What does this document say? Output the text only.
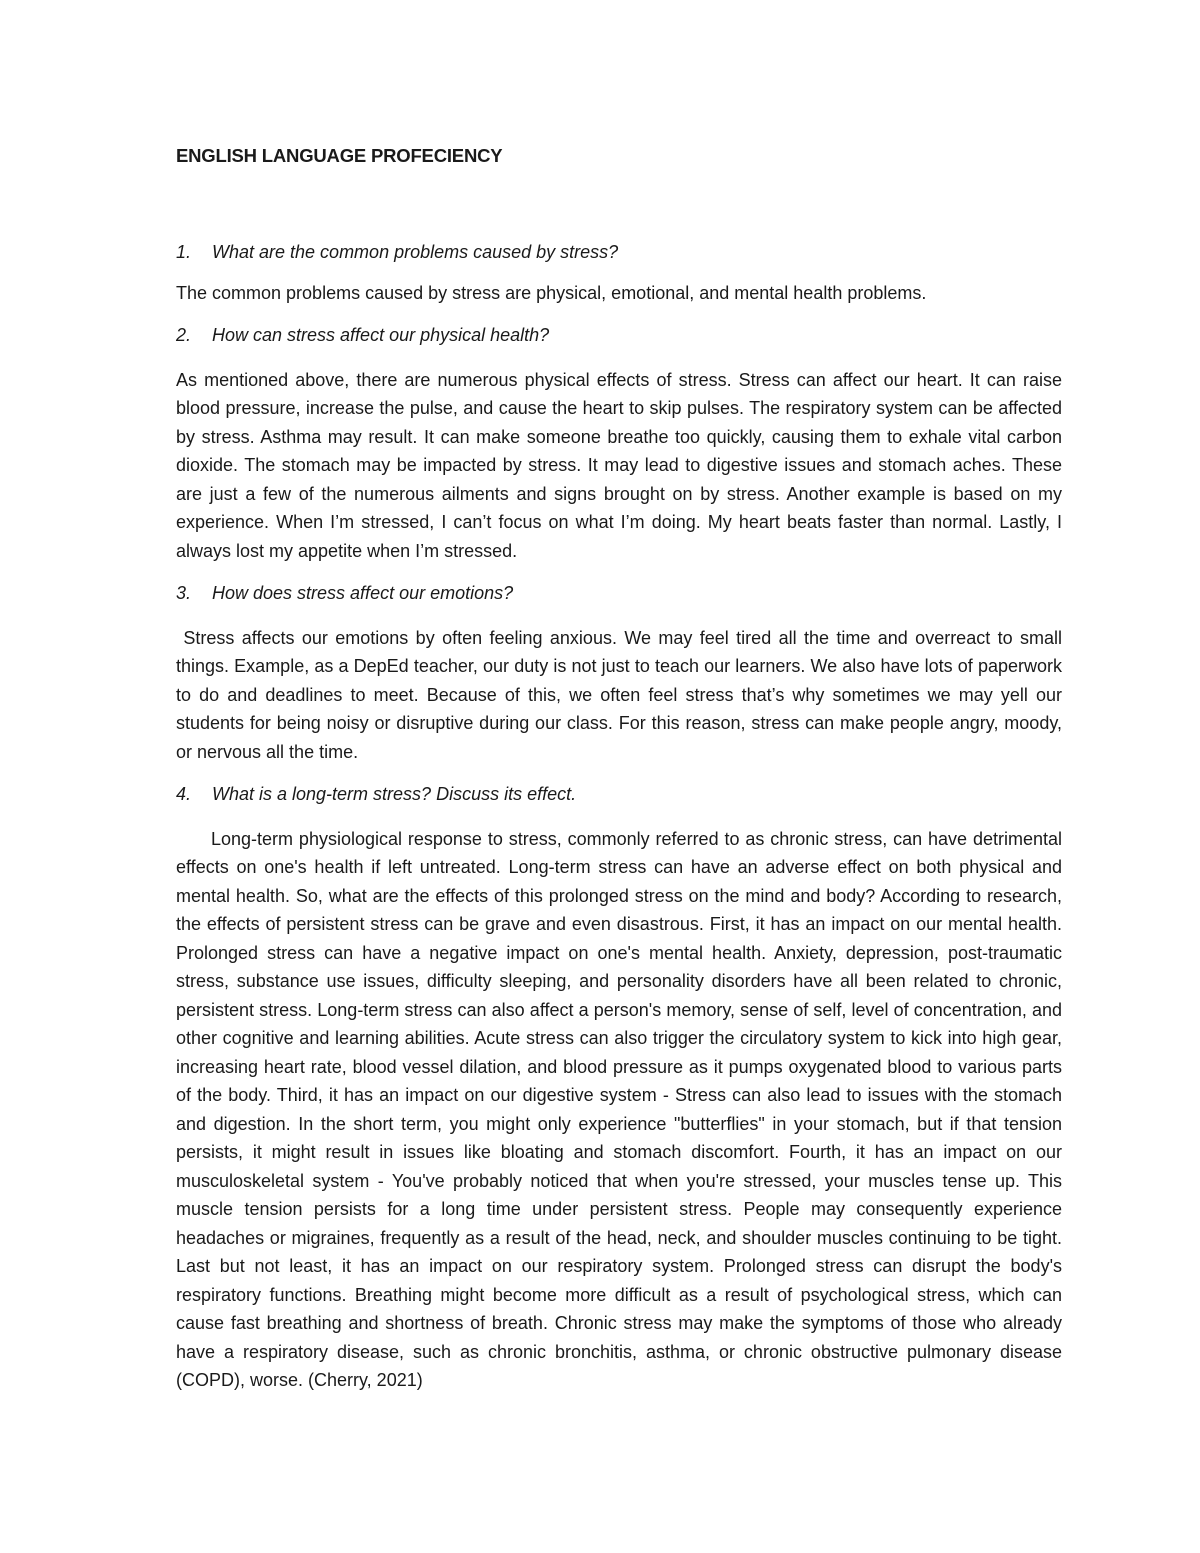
ENGLISH LANGUAGE PROFECIENCY
1.	What are the common problems caused by stress?
The common problems caused by stress are physical, emotional, and mental health problems.
2.	How can stress affect our physical health?
As mentioned above, there are numerous physical effects of stress. Stress can affect our heart. It can raise blood pressure, increase the pulse, and cause the heart to skip pulses. The respiratory system can be affected by stress. Asthma may result. It can make someone breathe too quickly, causing them to exhale vital carbon dioxide. The stomach may be impacted by stress. It may lead to digestive issues and stomach aches. These are just a few of the numerous ailments and signs brought on by stress. Another example is based on my experience. When I’m stressed, I can’t focus on what I’m doing. My heart beats faster than normal. Lastly, I always lost my appetite when I’m stressed.
3.	How does stress affect our emotions?
Stress affects our emotions by often feeling anxious. We may feel tired all the time and overreact to small things. Example, as a DepEd teacher, our duty is not just to teach our learners. We also have lots of paperwork to do and deadlines to meet. Because of this, we often feel stress that’s why sometimes we may yell our students for being noisy or disruptive during our class. For this reason, stress can make people angry, moody, or nervous all the time.
4.	What is a long-term stress? Discuss its effect.
Long-term physiological response to stress, commonly referred to as chronic stress, can have detrimental effects on one's health if left untreated. Long-term stress can have an adverse effect on both physical and mental health. So, what are the effects of this prolonged stress on the mind and body? According to research, the effects of persistent stress can be grave and even disastrous. First, it has an impact on our mental health. Prolonged stress can have a negative impact on one's mental health. Anxiety, depression, post-traumatic stress, substance use issues, difficulty sleeping, and personality disorders have all been related to chronic, persistent stress. Long-term stress can also affect a person's memory, sense of self, level of concentration, and other cognitive and learning abilities. Acute stress can also trigger the circulatory system to kick into high gear, increasing heart rate, blood vessel dilation, and blood pressure as it pumps oxygenated blood to various parts of the body. Third, it has an impact on our digestive system - Stress can also lead to issues with the stomach and digestion. In the short term, you might only experience "butterflies" in your stomach, but if that tension persists, it might result in issues like bloating and stomach discomfort. Fourth, it has an impact on our musculoskeletal system - You've probably noticed that when you're stressed, your muscles tense up. This muscle tension persists for a long time under persistent stress. People may consequently experience headaches or migraines, frequently as a result of the head, neck, and shoulder muscles continuing to be tight. Last but not least, it has an impact on our respiratory system. Prolonged stress can disrupt the body's respiratory functions. Breathing might become more difficult as a result of psychological stress, which can cause fast breathing and shortness of breath. Chronic stress may make the symptoms of those who already have a respiratory disease, such as chronic bronchitis, asthma, or chronic obstructive pulmonary disease (COPD), worse. (Cherry, 2021)
